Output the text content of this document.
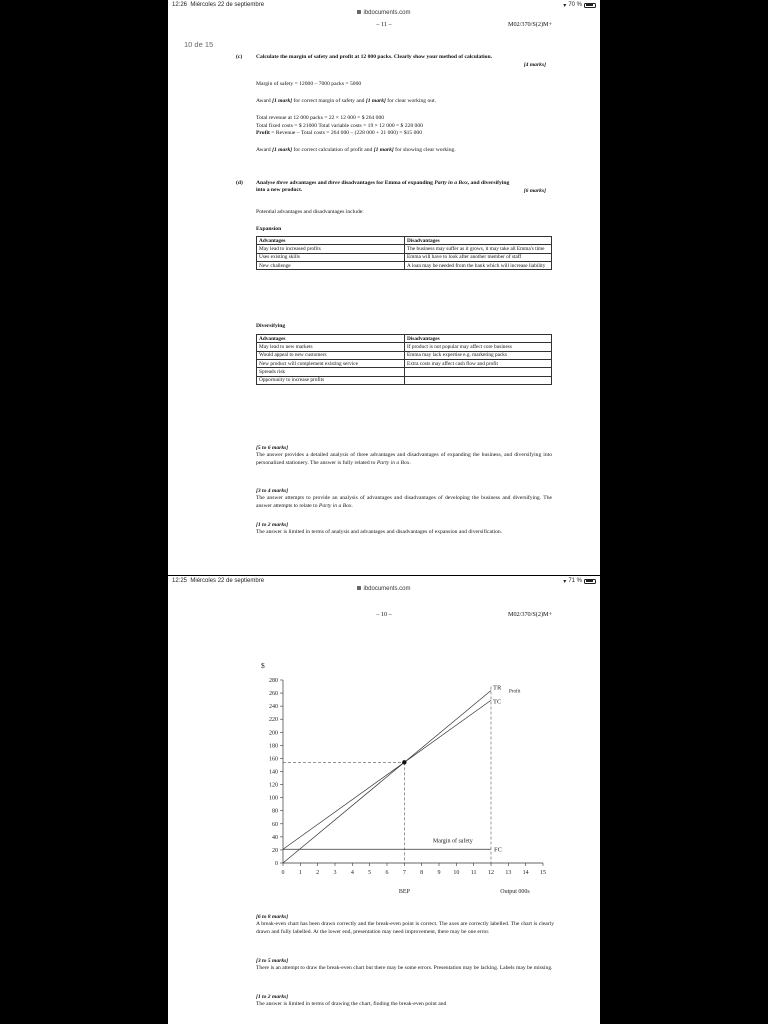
12:26 Miércoles 22 de septiembre	▾ 70 %
ibdocuments.com
– 11 –	M02/370/S(2)M+
10 de 15
(c) Calculate the margin of safety and profit at 12 000 packs. Clearly show your method of calculation.
[4 marks]
Margin of safety = 12000 – 7000 packs = 5000
Award [1 mark] for correct margin of safety and [1 mark] for clear working out.
Total revenue at 12 000 packs = 22 × 12 000 = $ 264 000
Total fixed costs = $ 21000 Total variable costs = 19 × 12 000 = $ 228 000
Profit = Revenue – Total costs = 264 000 – (228 000 + 21 000) = $15 000
Award [1 mark] for correct calculation of profit and [1 mark] for showing clear working.
(d) Analyse three advantages and three disadvantages for Emma of expanding Party in a Box, and diversifying into a new product.	[6 marks]
Potential advantages and disadvantages include:
Expansion
Advantages	Disadvantages
May lead to increased profits	The business may suffer as it grows, it may take all Emma's time
Uses existing skills	Emma will have to look after another member of staff
New challenge	A loan may be needed from the bank which will increase liability
Diversifying
Advantages	Disadvantages
May lead to new markets	If product is not popular may affect core business
Would appeal to new customers	Emma may lack expertise e.g. marketing packs
New product will complement existing service	Extra costs may affect cash flow and profit
Spreads risk	
Opportunity to increase profits	
[5 to 6 marks]
The answer provides a detailed analysis of three advantages and disadvantages of expanding the business, and diversifying into personalized stationery. The answer is fully related to Party in a Box.
[3 to 4 marks]
The answer attempts to provide an analysis of advantages and disadvantages of developing the business and diversifying. The answer attempts to relate to Party in a Box.
[1 to 2 marks]
The answer is limited in terms of analysis and advantages and disadvantages of expansion and diversification.
12:25 Miércoles 22 de septiembre	▾ 71 %
ibdocuments.com
– 10 –	M02/370/S(2)M+
0
20
40
60
80
100
120
140
160
180
200
220
240
260
280
0 1 2 3 4 5 6 7 8 9 10 11 12 13 14 15
$
Output 000s
BEP
TR
TC
FC
Profit
Margin of safety
[6 to 8 marks]
A break-even chart has been drawn correctly and the break-even point is correct. The axes are correctly labelled. The chart is clearly drawn and fully labelled. At the lower end, presentation may need improvement, there may be one error.
[3 to 5 marks]
There is an attempt to draw the break-even chart but there may be some errors. Presentation may be lacking. Labels may be missing.
[1 to 2 marks]
The answer is limited in terms of drawing the chart, finding the break-even point and
